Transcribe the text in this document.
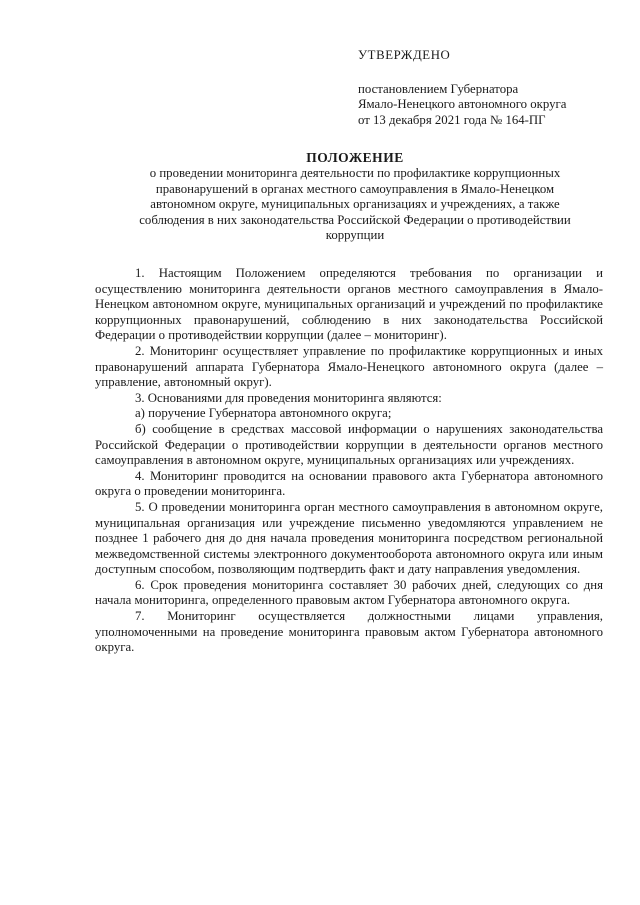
УТВЕРЖДЕНО
постановлением Губернатора
Ямало-Ненецкого автономного округа
от 13 декабря 2021 года № 164-ПГ
ПОЛОЖЕНИЕ
о проведении мониторинга деятельности по профилактике коррупционных
правонарушений в органах местного самоуправления в Ямало-Ненецком
автономном округе, муниципальных организациях и учреждениях, а также
соблюдения в них законодательства Российской Федерации о противодействии
коррупции

1. Настоящим Положением определяются требования по организации и осуществлению мониторинга деятельности органов местного самоуправления в Ямало-Ненецком автономном округе, муниципальных организаций и учреждений по профилактике коррупционных правонарушений, соблюдению в них законодательства Российской Федерации о противодействии коррупции (далее – мониторинг).

2. Мониторинг осуществляет управление по профилактике коррупционных и иных правонарушений аппарата Губернатора Ямало-Ненецкого автономного округа (далее – управление, автономный округ).

3. Основаниями для проведения мониторинга являются:

а) поручение Губернатора автономного округа;

б) сообщение в средствах массовой информации о нарушениях законодательства Российской Федерации о противодействии коррупции в деятельности органов местного самоуправления в автономном округе, муниципальных организациях или учреждениях.

4. Мониторинг проводится на основании правового акта Губернатора автономного округа о проведении мониторинга.

5. О проведении мониторинга орган местного самоуправления в автономном округе, муниципальная организация или учреждение письменно уведомляются управлением не позднее 1 рабочего дня до дня начала проведения мониторинга посредством региональной межведомственной системы электронного документооборота автономного округа или иным доступным способом, позволяющим подтвердить факт и дату направления уведомления.

6. Срок проведения мониторинга составляет 30 рабочих дней, следующих со дня начала мониторинга, определенного правовым актом Губернатора автономного округа.

7. Мониторинг осуществляется должностными лицами управления, уполномоченными на проведение мониторинга правовым актом Губернатора автономного округа.
